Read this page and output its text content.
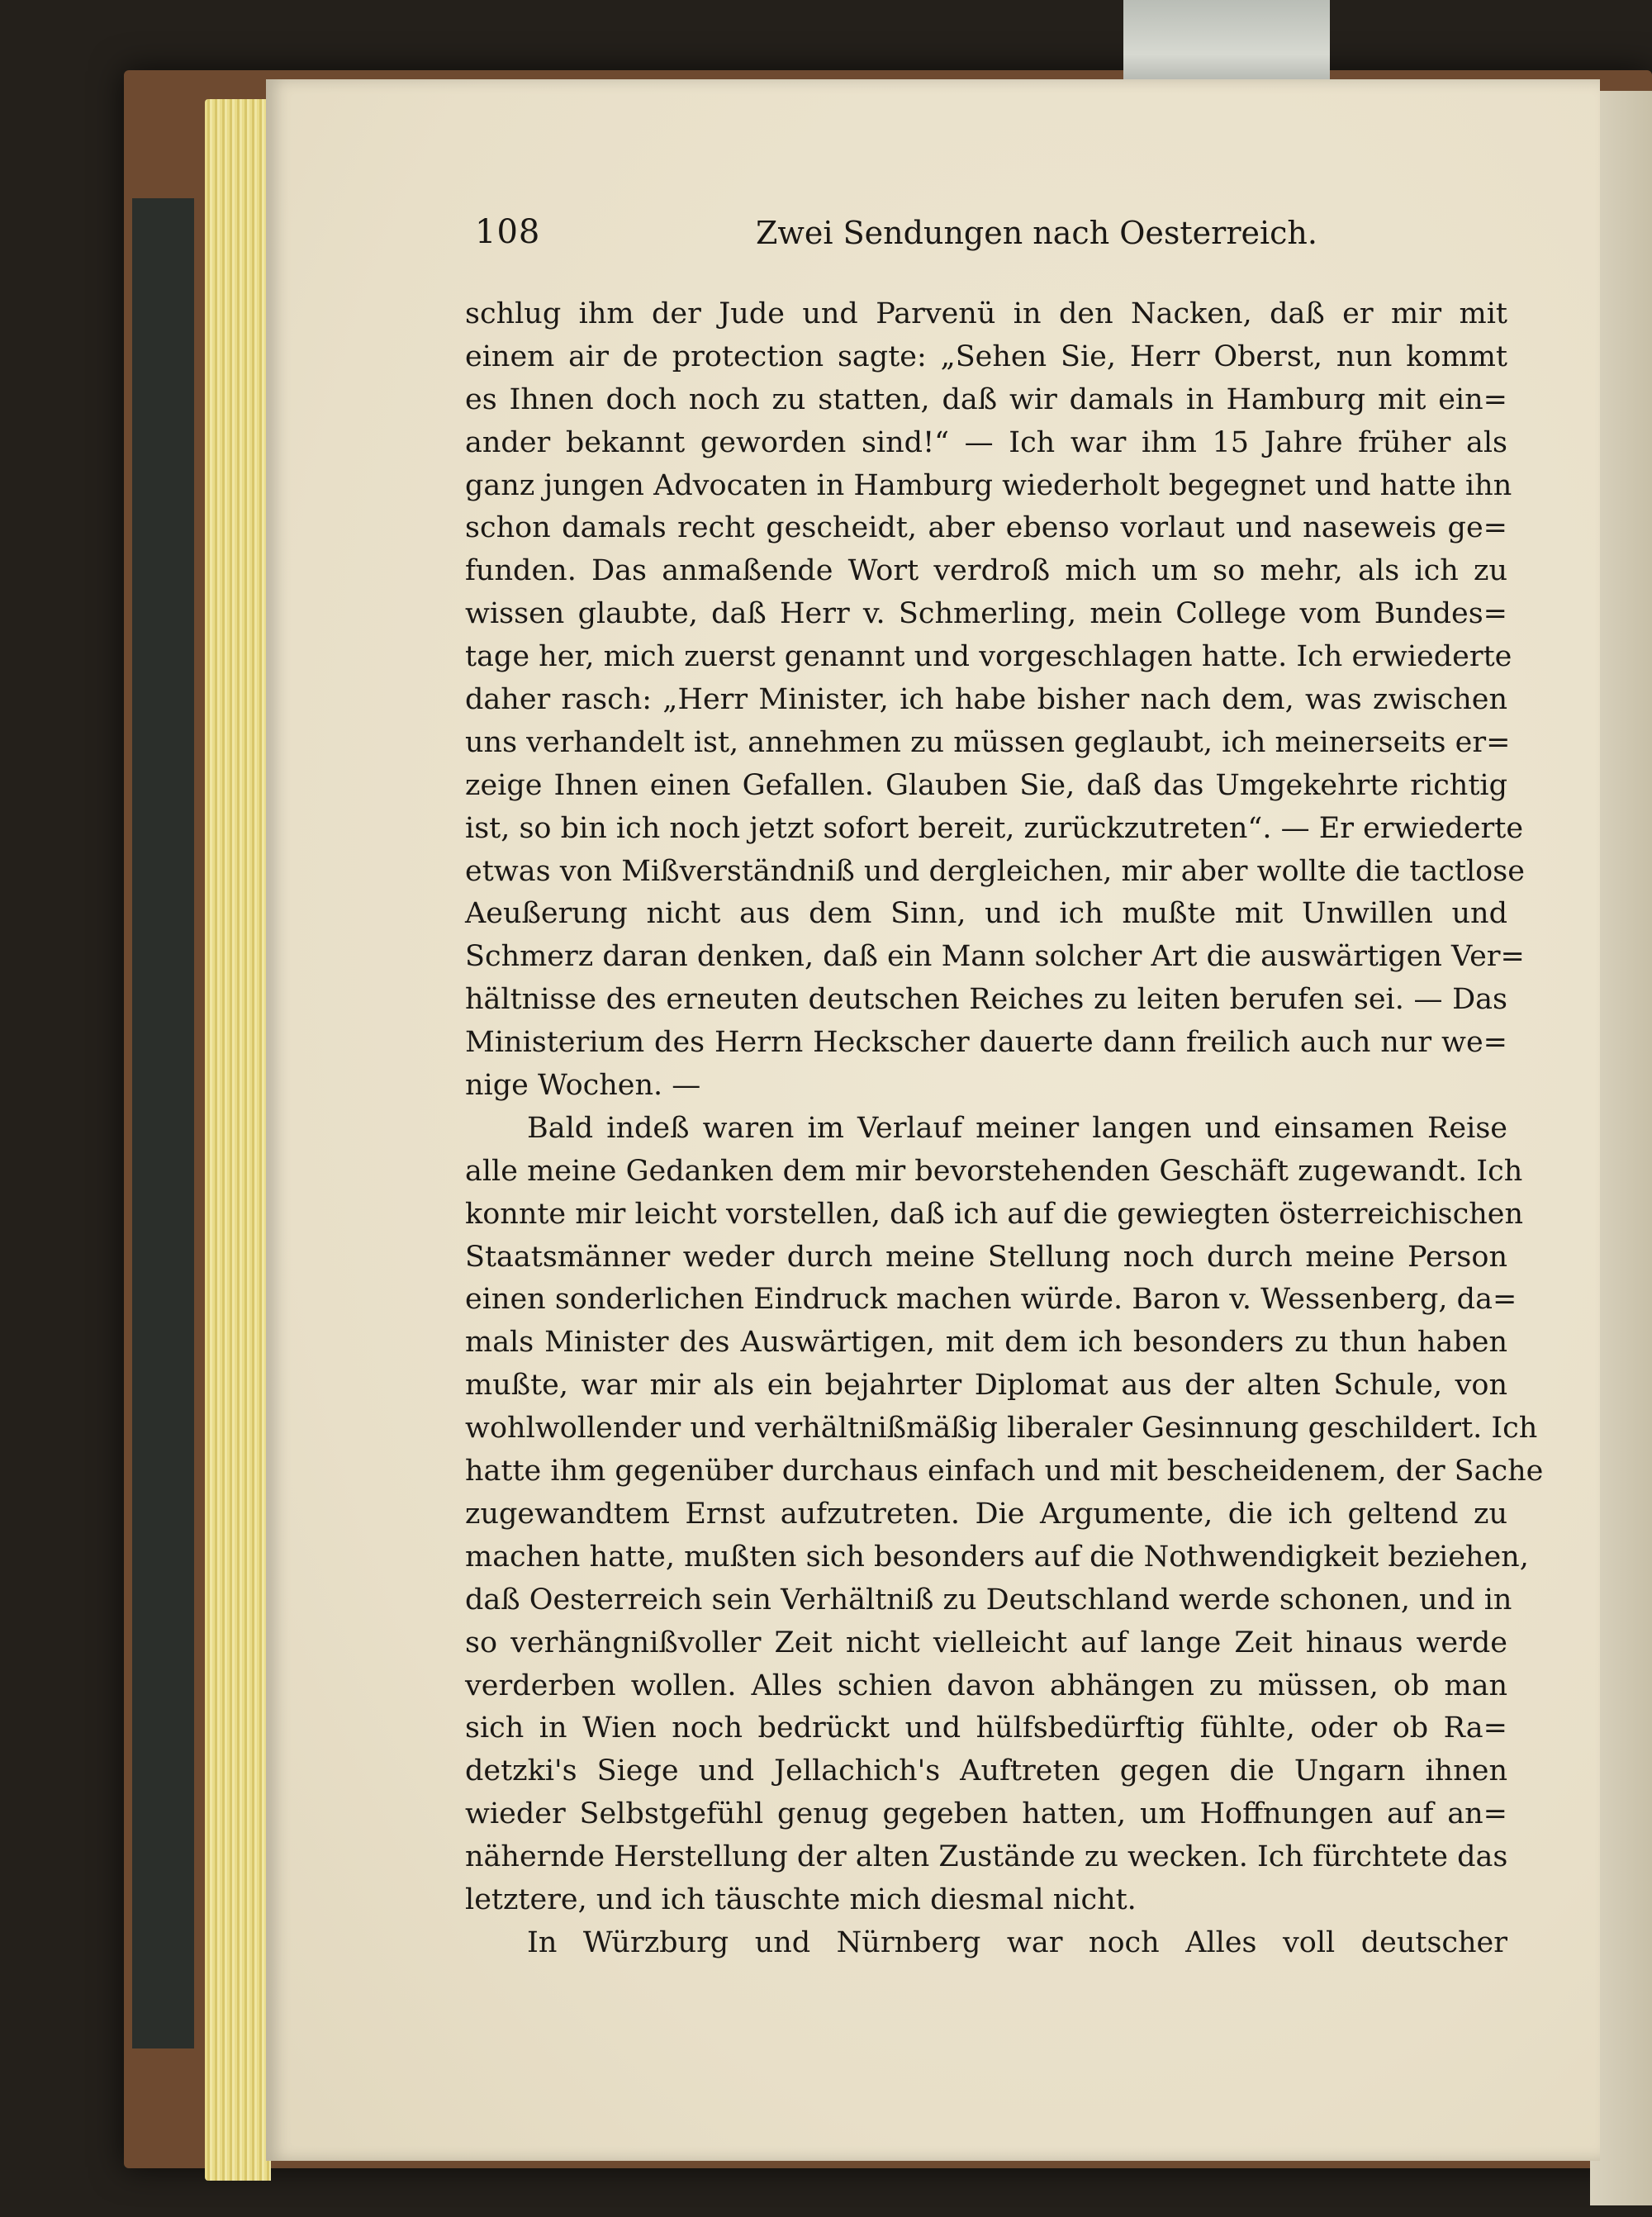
108	Zwei Sendungen nach Oesterreich.
schlug ihm der Jude und Parvenü in den Nacken, daß er mir mit
einem air de protection sagte: „Sehen Sie, Herr Oberst, nun kommt
es Ihnen doch noch zu statten, daß wir damals in Hamburg mit ein=
ander bekannt geworden sind!“ — Ich war ihm 15 Jahre früher als
ganz jungen Advocaten in Hamburg wiederholt begegnet und hatte ihn
schon damals recht gescheidt, aber ebenso vorlaut und naseweis ge=
funden. Das anmaßende Wort verdroß mich um so mehr, als ich zu
wissen glaubte, daß Herr v. Schmerling, mein College vom Bundes=
tage her, mich zuerst genannt und vorgeschlagen hatte. Ich erwiederte
daher rasch: „Herr Minister, ich habe bisher nach dem, was zwischen
uns verhandelt ist, annehmen zu müssen geglaubt, ich meinerseits er=
zeige Ihnen einen Gefallen. Glauben Sie, daß das Umgekehrte richtig
ist, so bin ich noch jetzt sofort bereit, zurückzutreten“. — Er erwiederte
etwas von Mißverständniß und dergleichen, mir aber wollte die tactlose
Aeußerung nicht aus dem Sinn, und ich mußte mit Unwillen und
Schmerz daran denken, daß ein Mann solcher Art die auswärtigen Ver=
hältnisse des erneuten deutschen Reiches zu leiten berufen sei. — Das
Ministerium des Herrn Heckscher dauerte dann freilich auch nur we=
nige Wochen. —
Bald indeß waren im Verlauf meiner langen und einsamen Reise
alle meine Gedanken dem mir bevorstehenden Geschäft zugewandt. Ich
konnte mir leicht vorstellen, daß ich auf die gewiegten österreichischen
Staatsmänner weder durch meine Stellung noch durch meine Person
einen sonderlichen Eindruck machen würde. Baron v. Wessenberg, da=
mals Minister des Auswärtigen, mit dem ich besonders zu thun haben
mußte, war mir als ein bejahrter Diplomat aus der alten Schule, von
wohlwollender und verhältnißmäßig liberaler Gesinnung geschildert. Ich
hatte ihm gegenüber durchaus einfach und mit bescheidenem, der Sache
zugewandtem Ernst aufzutreten. Die Argumente, die ich geltend zu
machen hatte, mußten sich besonders auf die Nothwendigkeit beziehen,
daß Oesterreich sein Verhältniß zu Deutschland werde schonen, und in
so verhängnißvoller Zeit nicht vielleicht auf lange Zeit hinaus werde
verderben wollen. Alles schien davon abhängen zu müssen, ob man
sich in Wien noch bedrückt und hülfsbedürftig fühlte, oder ob Ra=
detzki's Siege und Jellachich's Auftreten gegen die Ungarn ihnen
wieder Selbstgefühl genug gegeben hatten, um Hoffnungen auf an=
nähernde Herstellung der alten Zustände zu wecken. Ich fürchtete das
letztere, und ich täuschte mich diesmal nicht.
In Würzburg und Nürnberg war noch Alles voll deutscher
